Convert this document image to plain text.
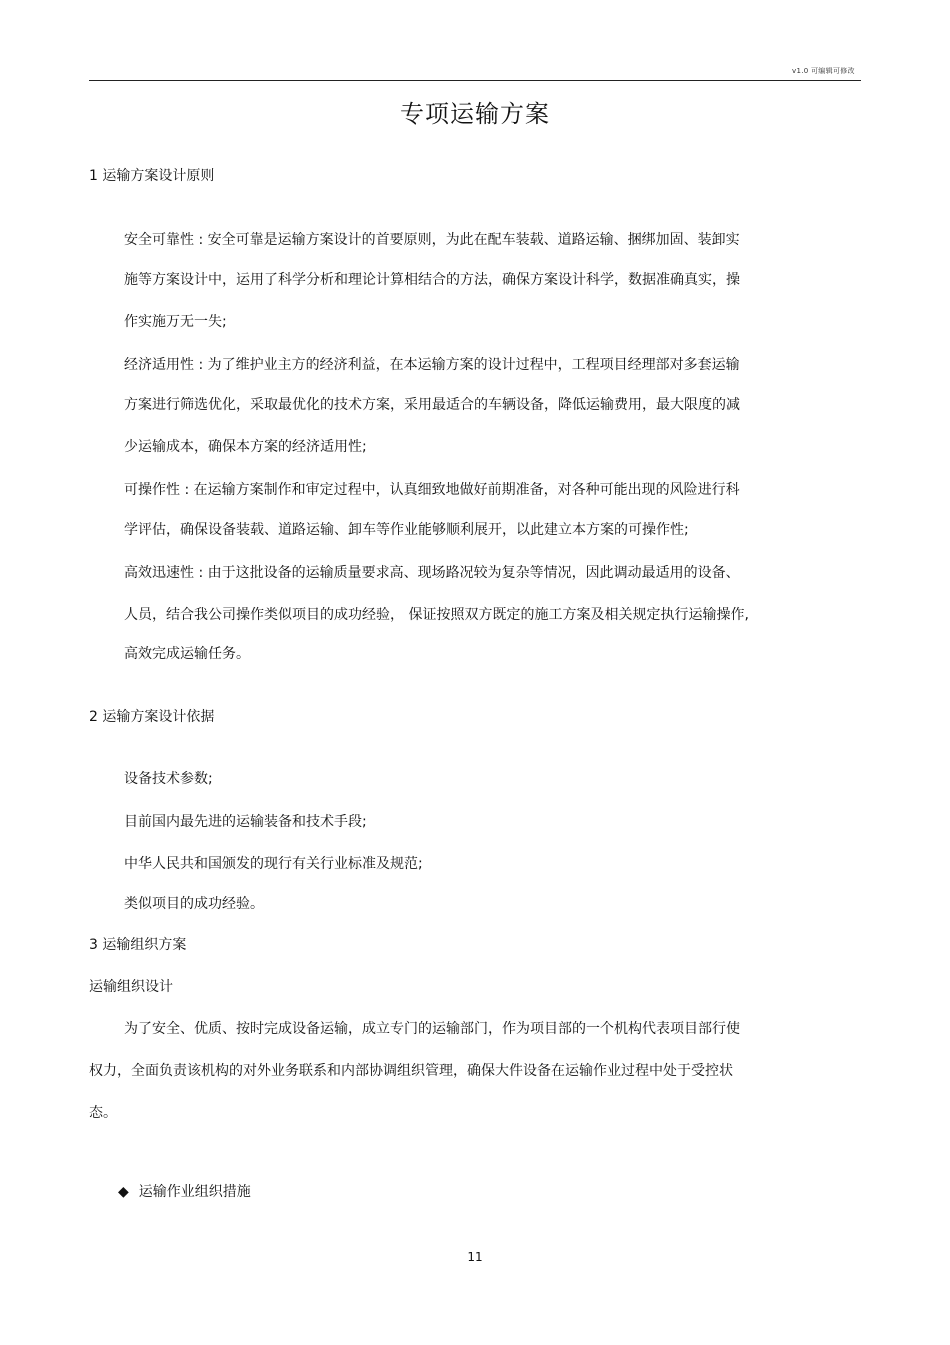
v1.0 可编辑可修改
专项运输方案
1 运输方案设计原则
安全可靠性 : 安全可靠是运输方案设计的首要原则，为此在配车装载、道路运输、捆绑加固、装卸实
施等方案设计中，运用了科学分析和理论计算相结合的方法，确保方案设计科学，数据准确真实，操
作实施万无一失;
经济适用性 : 为了维护业主方的经济利益，在本运输方案的设计过程中，工程项目经理部对多套运输
方案进行筛选优化，采取最优化的技术方案，采用最适合的车辆设备，降低运输费用，最大限度的减
少运输成本，确保本方案的经济适用性;
可操作性 : 在运输方案制作和审定过程中，认真细致地做好前期准备，对各种可能出现的风险进行科
学评估，确保设备装载、道路运输、卸车等作业能够顺利展开，以此建立本方案的可操作性;
高效迅速性 : 由于这批设备的运输质量要求高、现场路况较为复杂等情况，因此调动最适用的设备、
人员，结合我公司操作类似项目的成功经验， 保证按照双方既定的施工方案及相关规定执行运输操作,
高效完成运输任务。
2 运输方案设计依据
设备技术参数;
目前国内最先进的运输装备和技术手段;
中华人民共和国颁发的现行有关行业标准及规范;
类似项目的成功经验。
3 运输组织方案
运输组织设计
为了安全、优质、按时完成设备运输，成立专门的运输部门，作为项目部的一个机构代表项目部行使
权力，全面负责该机构的对外业务联系和内部协调组织管理，确保大件设备在运输作业过程中处于受控状
态。
◆ 运输作业组织措施
11
